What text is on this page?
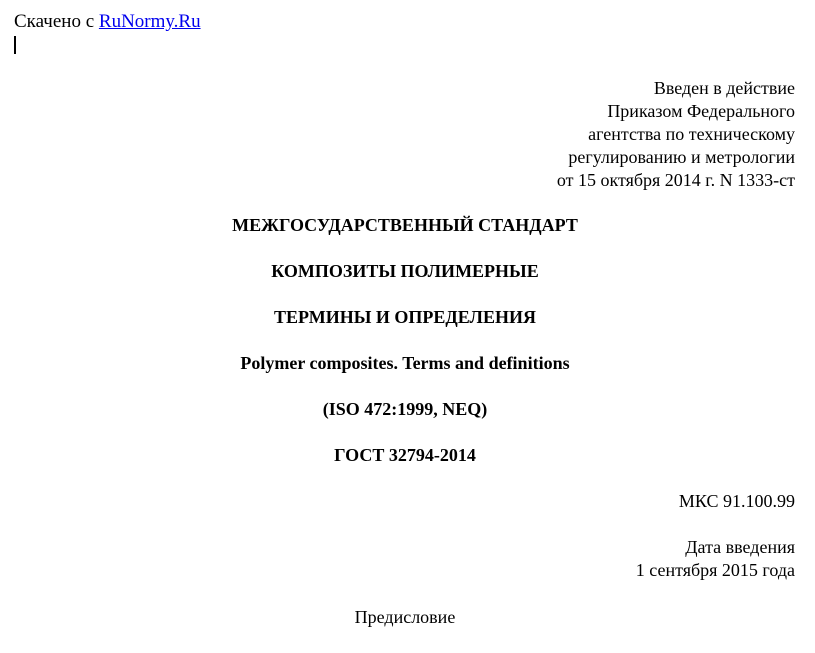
Скачено с RuNormy.Ru
Введен в действие
Приказом Федерального
агентства по техническому
регулированию и метрологии
от 15 октября 2014 г. N 1333-ст
МЕЖГОСУДАРСТВЕННЫЙ СТАНДАРТ
КОМПОЗИТЫ ПОЛИМЕРНЫЕ
ТЕРМИНЫ И ОПРЕДЕЛЕНИЯ
Polymer composites. Terms and definitions
(ISO 472:1999, NEQ)
ГОСТ 32794-2014
МКС 91.100.99
Дата введения
1 сентября 2015 года
Предисловие
